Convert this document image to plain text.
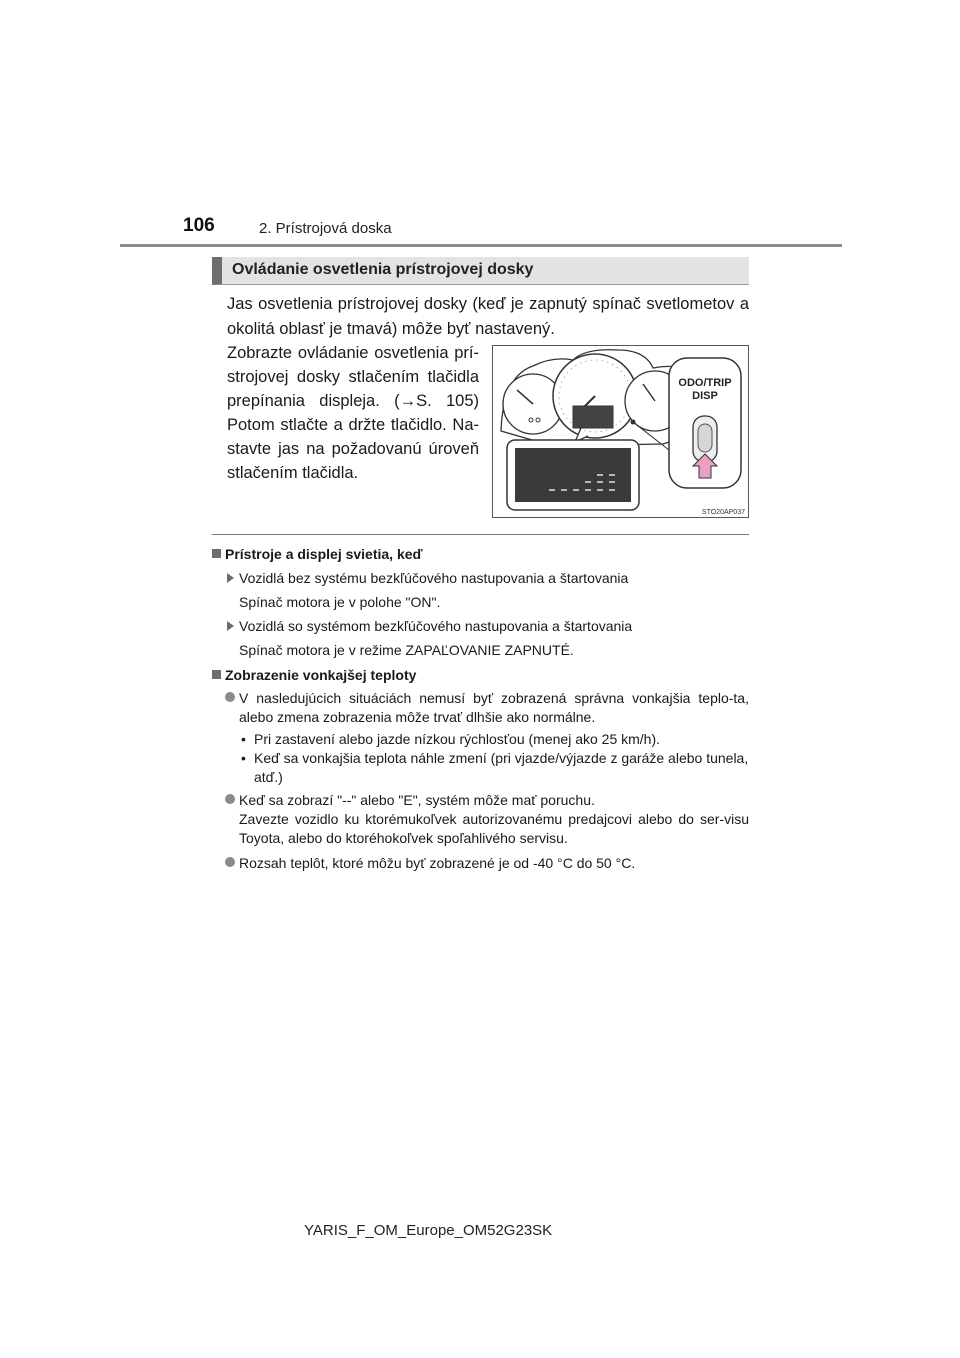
106	2. Prístrojová doska
Ovládanie osvetlenia prístrojovej dosky
Jas osvetlenia prístrojovej dosky (keď je zapnutý spínač svetlometov a okolitá oblasť je tmavá) môže byť nastavený.
Zobrazte ovládanie osvetlenia prí-strojovej dosky stlačením tlačidla prepínania displeja. (→S. 105) Potom stlačte a držte tlačidlo. Na-stavte jas na požadovanú úroveň stlačením tlačidla.
ODO/TRIP
DISP
STO20AP037
Prístroje a displej svietia, keď
Vozidlá bez systému bezkľúčového nastupovania a štartovania
Spínač motora je v polohe "ON".
Vozidlá so systémom bezkľúčového nastupovania a štartovania
Spínač motora je v režime ZAPAĽOVANIE ZAPNUTÉ.
Zobrazenie vonkajšej teploty
V nasledujúcich situáciách nemusí byť zobrazená správna vonkajšia teplo-ta, alebo zmena zobrazenia môže trvať dlhšie ako normálne.
• Pri zastavení alebo jazde nízkou rýchlosťou (menej ako 25 km/h).
• Keď sa vonkajšia teplota náhle zmení (pri vjazde/výjazde z garáže alebo tunela, atď.)
Keď sa zobrazí "--" alebo "E", systém môže mať poruchu.
Zavezte vozidlo ku ktorémukoľvek autorizovanému predajcovi alebo do ser-visu Toyota, alebo do ktoréhokoľvek spoľahlivého servisu.
Rozsah teplôt, ktoré môžu byť zobrazené je od -40 °C do 50 °C.
YARIS_F_OM_Europe_OM52G23SK
